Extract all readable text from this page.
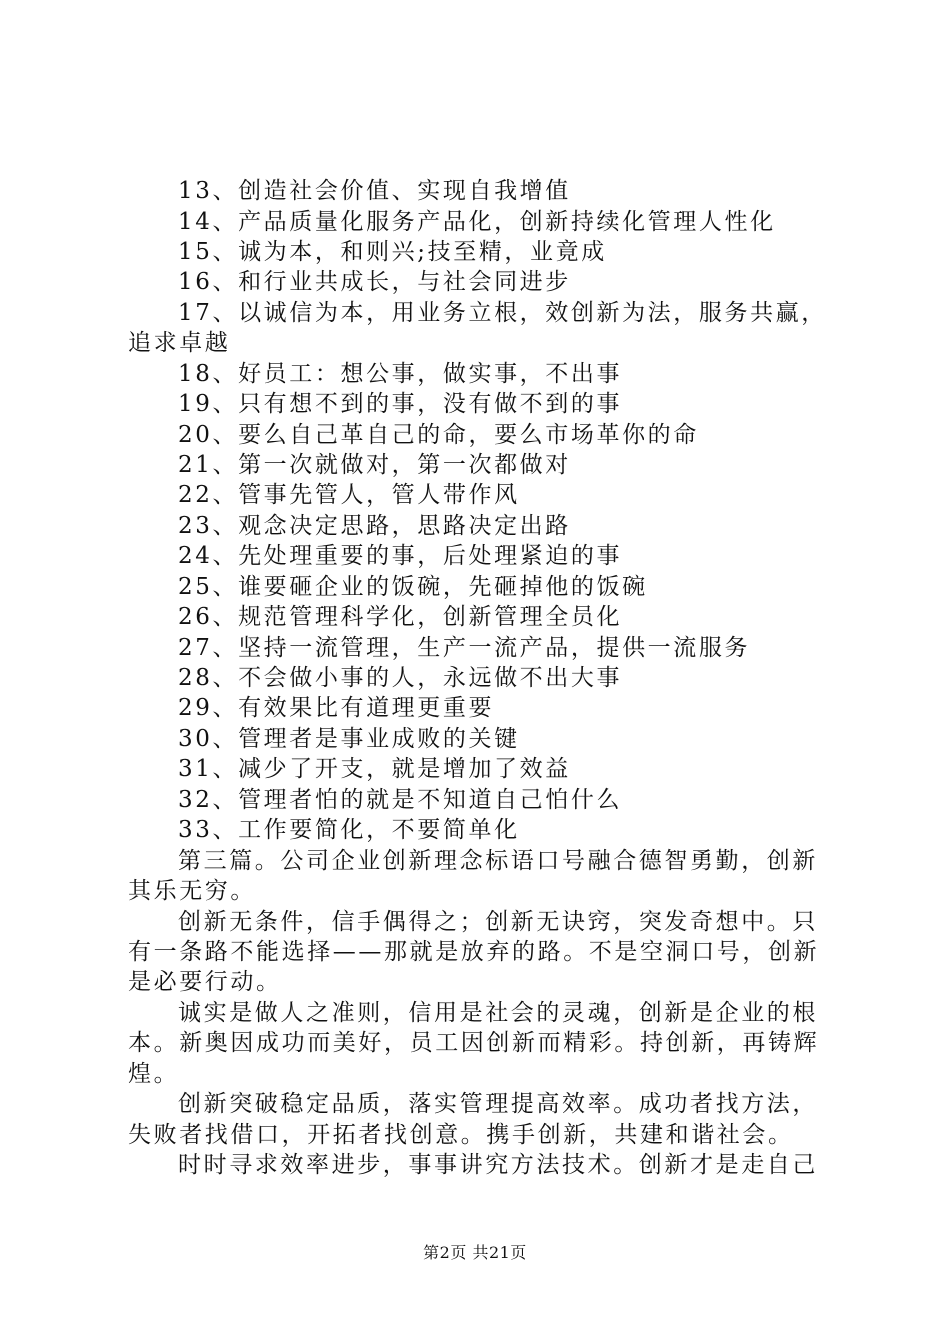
13、创造社会价值、实现自我增值
14、产品质量化服务产品化，创新持续化管理人性化
15、诚为本，和则兴;技至精，业竟成
16、和行业共成长，与社会同进步
17、以诚信为本，用业务立根，效创新为法，服务共赢，
追求卓越
18、好员工：想公事，做实事，不出事
19、只有想不到的事，没有做不到的事
20、要么自己革自己的命，要么市场革你的命
21、第一次就做对，第一次都做对
22、管事先管人，管人带作风
23、观念决定思路，思路决定出路
24、先处理重要的事，后处理紧迫的事
25、谁要砸企业的饭碗，先砸掉他的饭碗
26、规范管理科学化，创新管理全员化
27、坚持一流管理，生产一流产品，提供一流服务
28、不会做小事的人，永远做不出大事
29、有效果比有道理更重要
30、管理者是事业成败的关键
31、减少了开支，就是增加了效益
32、管理者怕的就是不知道自己怕什么
33、工作要简化，不要简单化
第三篇。公司企业创新理念标语口号融合德智勇勤，创新
其乐无穷。
创新无条件，信手偶得之；创新无诀窍，突发奇想中。只
有一条路不能选择——那就是放弃的路。不是空洞口号，创新
是必要行动。
诚实是做人之准则，信用是社会的灵魂，创新是企业的根
本。新奥因成功而美好，员工因创新而精彩。持创新，再铸辉
煌。
创新突破稳定品质，落实管理提高效率。成功者找方法，
失败者找借口，开拓者找创意。携手创新，共建和谐社会。
时时寻求效率进步，事事讲究方法技术。创新才是走自己
第2页 共21页
